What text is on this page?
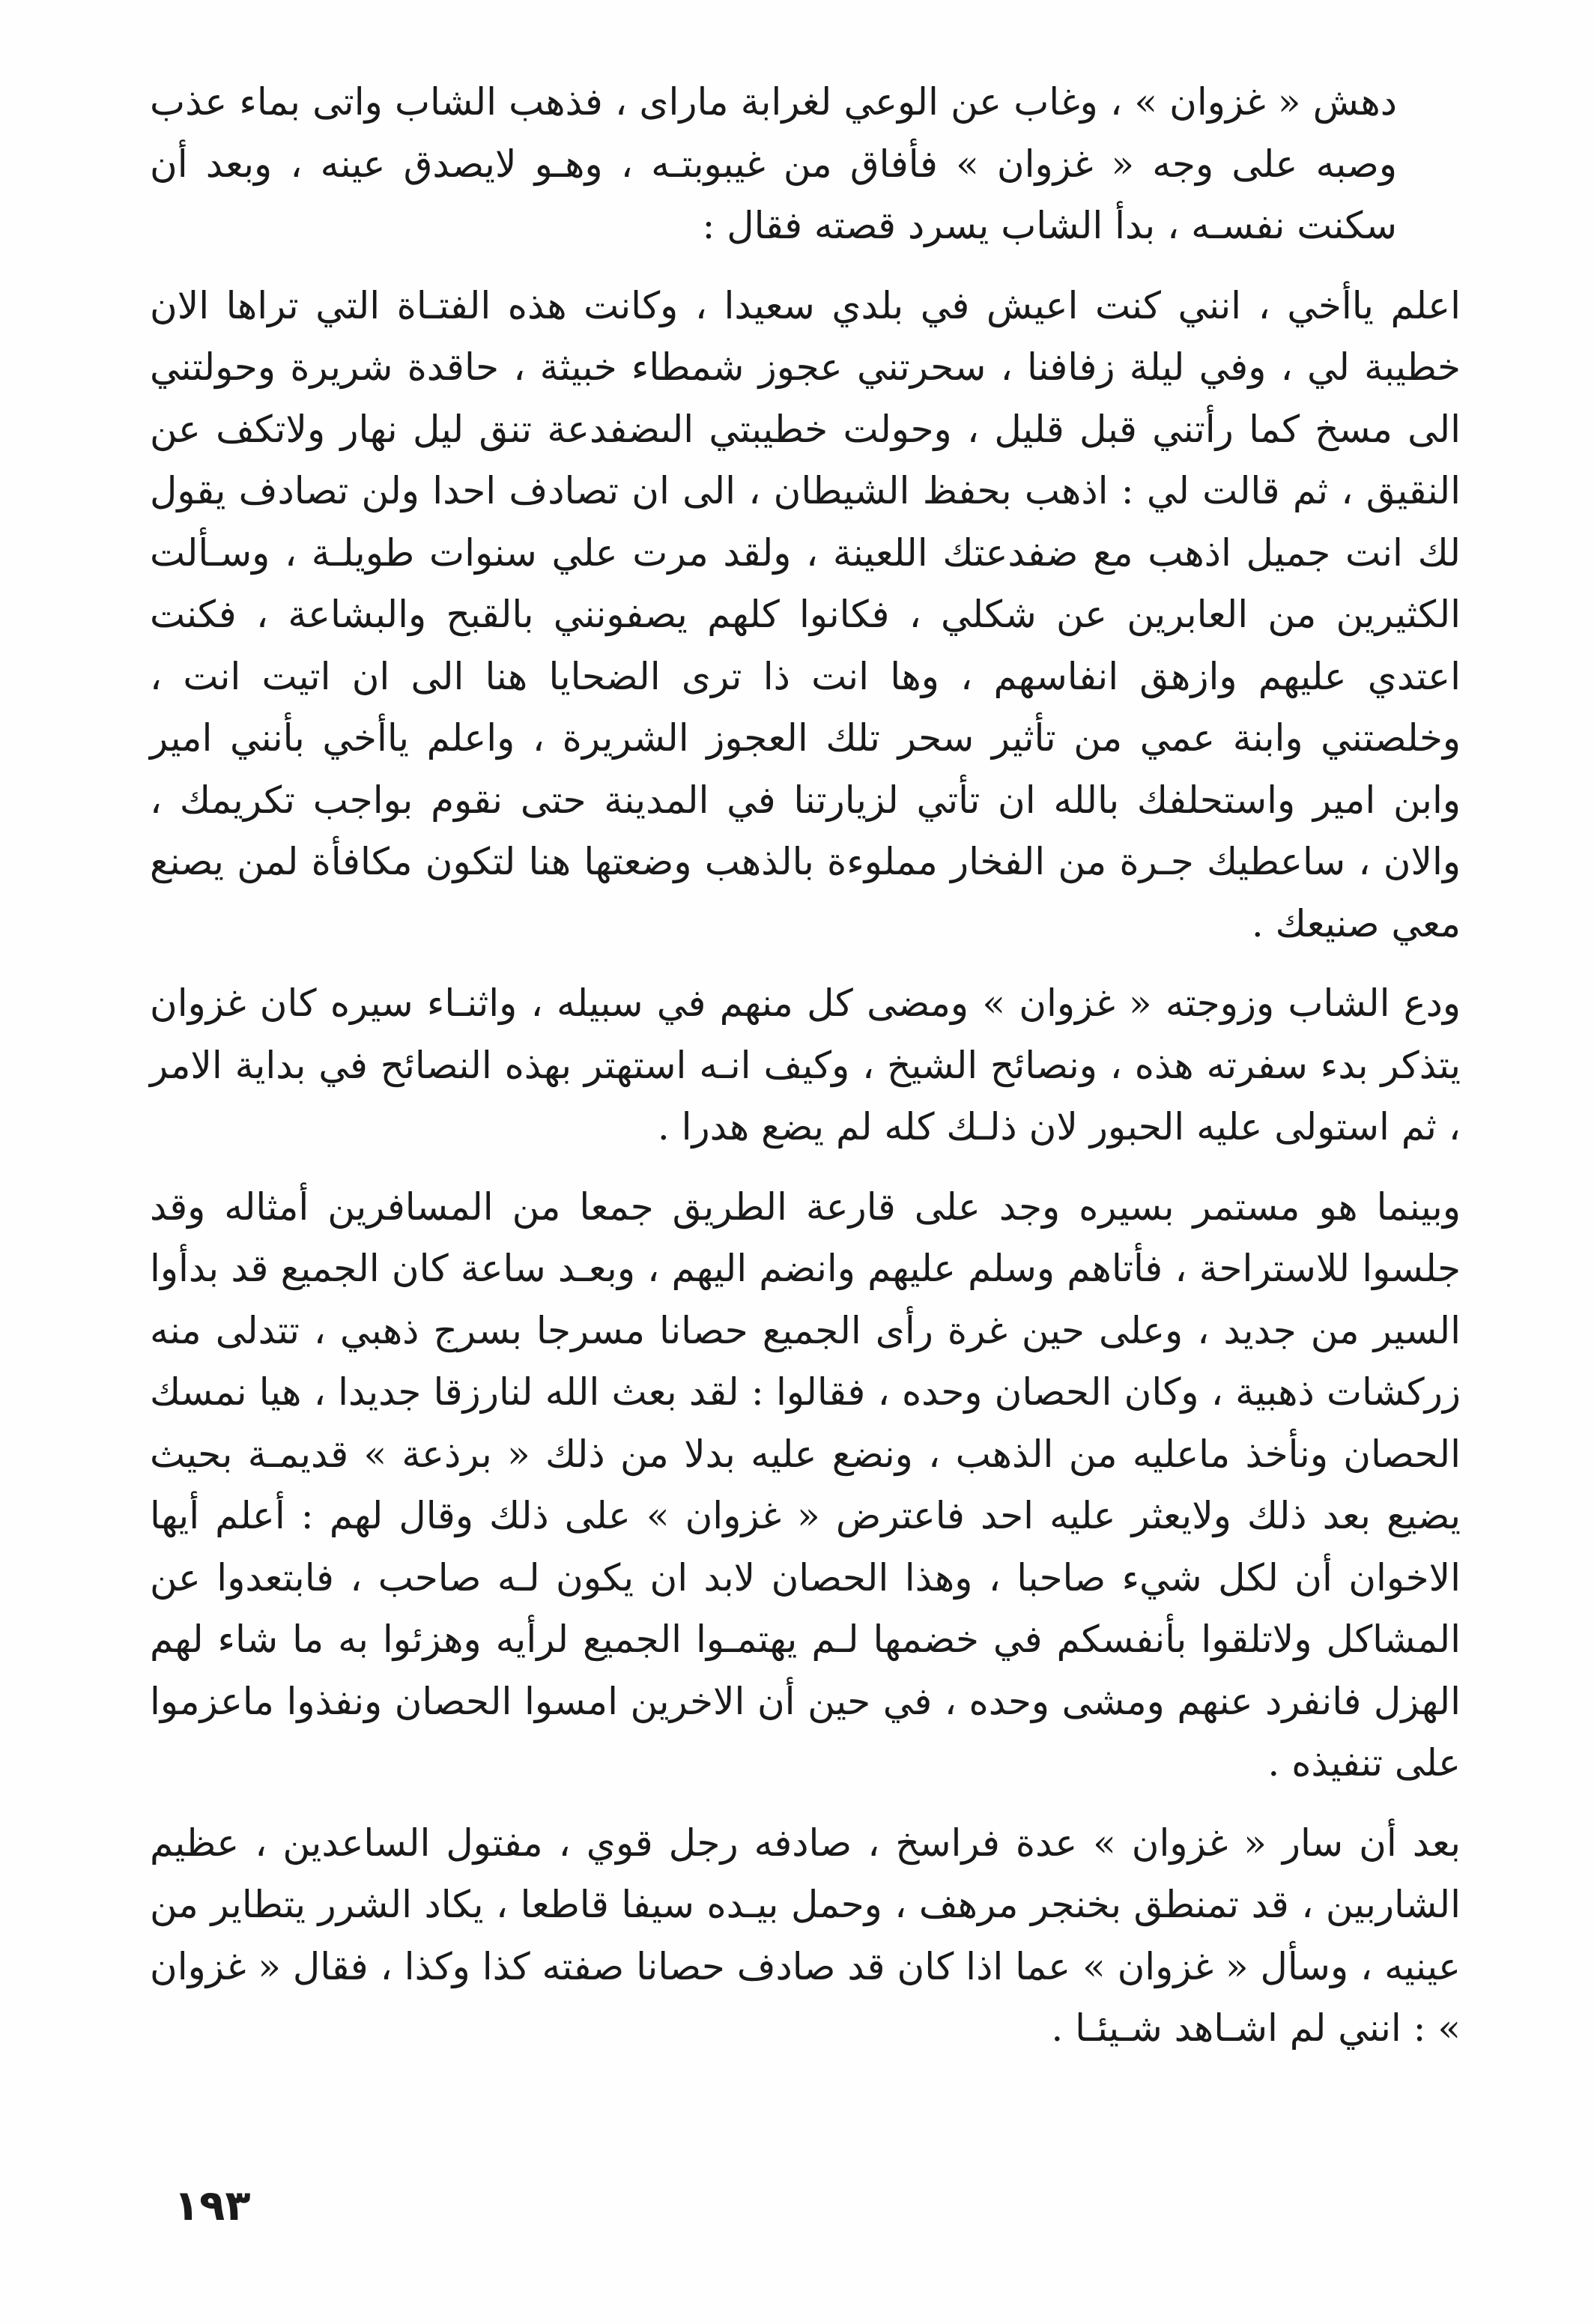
دهش « غزوان » ، وغاب عن الوعي لغرابة ماراى ، فذهب الشاب واتى بماء عذب وصبه على وجه « غزوان » فأفاق من غيبوبتـه ، وهـو لايصدق عينه ، وبعد أن سكنت نفسـه ، بدأ الشاب يسرد قصته فقال :

اعلم ياأخي ، انني كنت اعيش في بلدي سعيدا ، وكانت هذه الفتـاة التي تراها الان خطيبة لي ، وفي ليلة زفافنا ، سحرتني عجوز شمطاء خبيثة ، حاقدة شريرة وحولتني الى مسخ كما رأتني قبل قليل ، وحولت خطيبتي الىضفدعة تنق ليل نهار ولاتكف عن النقيق ، ثم قالت لي : اذهب بحفظ الشيطان ، الى ان تصادف احدا ولن تصادف يقول لك انت جميل اذهب مع ضفدعتك اللعينة ، ولقد مرت علي سنوات طويلـة ، وسـألت الكثيرين من العابرين عن شكلي ، فكانوا كلهم يصفونني بالقبح والبشاعة ، فكنت اعتدي عليهم وازهق انفاسهم ، وها انت ذا ترى الضحايا هنا الى ان اتيت انت ، وخلصتني وابنة عمي من تأثير سحر تلك العجوز الشريرة ، واعلم ياأخي بأنني امير وابن امير واستحلفك بالله ان تأتي لزيارتنا في المدينة حتى نقوم بواجب تكريمك ، والان ، ساعطيك جـرة من الفخار مملوءة بالذهب وضعتها هنا لتكون مكافأة لمن يصنع معي صنيعك .

ودع الشاب وزوجته « غزوان » ومضى كل منهم في سبيله ، واثنـاء سيره كان غزوان يتذكر بدء سفرته هذه ، ونصائح الشيخ ، وكيف انـه استهتر بهذه النصائح في بداية الامر ، ثم استولى عليه الحبور لان ذلـك كله لم يضع هدرا .

وبينما هو مستمر بسيره وجد على قارعة الطريق جمعا من المسافرين أمثاله وقد جلسوا للاستراحة ، فأتاهم وسلم عليهم وانضم اليهم ، وبعـد ساعة كان الجميع قد بدأوا السير من جديد ، وعلى حين غرة رأى الجميع حصانا مسرجا بسرج ذهبي ، تتدلى منه زركشات ذهبية ، وكان الحصان وحده ، فقالوا : لقد بعث الله لنارزقا جديدا ، هيا نمسك الحصان ونأخذ ماعليه من الذهب ، ونضع عليه بدلا من ذلك « برذعة » قديمـة بحيث يضيع بعد ذلك ولايعثر عليه احد فاعترض « غزوان » على ذلك وقال لهم : أعلم أيها الاخوان أن لكل شيء صاحبا ، وهذا الحصان لابد ان يكون لـه صاحب ، فابتعدوا عن المشاكل ولاتلقوا بأنفسكم في خضمها لـم يهتمـوا الجميع لرأيه وهزئوا به ما شاء لهم الهزل فانفرد عنهم ومشى وحده ، في حين أن الاخرين امسوا الحصان ونفذوا ماعزموا على تنفيذه .

بعد أن سار « غزوان » عدة فراسخ ، صادفه رجل قوي ، مفتول الساعدين ، عظيم الشاربين ، قد تمنطق بخنجر مرهف ، وحمل بيـده سيفا قاطعا ، يكاد الشرر يتطاير من عينيه ، وسأل « غزوان » عما اذا كان قد صادف حصانا صفته كذا وكذا ، فقال « غزوان » : انني لم اشـاهد شـيئـا .

١٩٣
